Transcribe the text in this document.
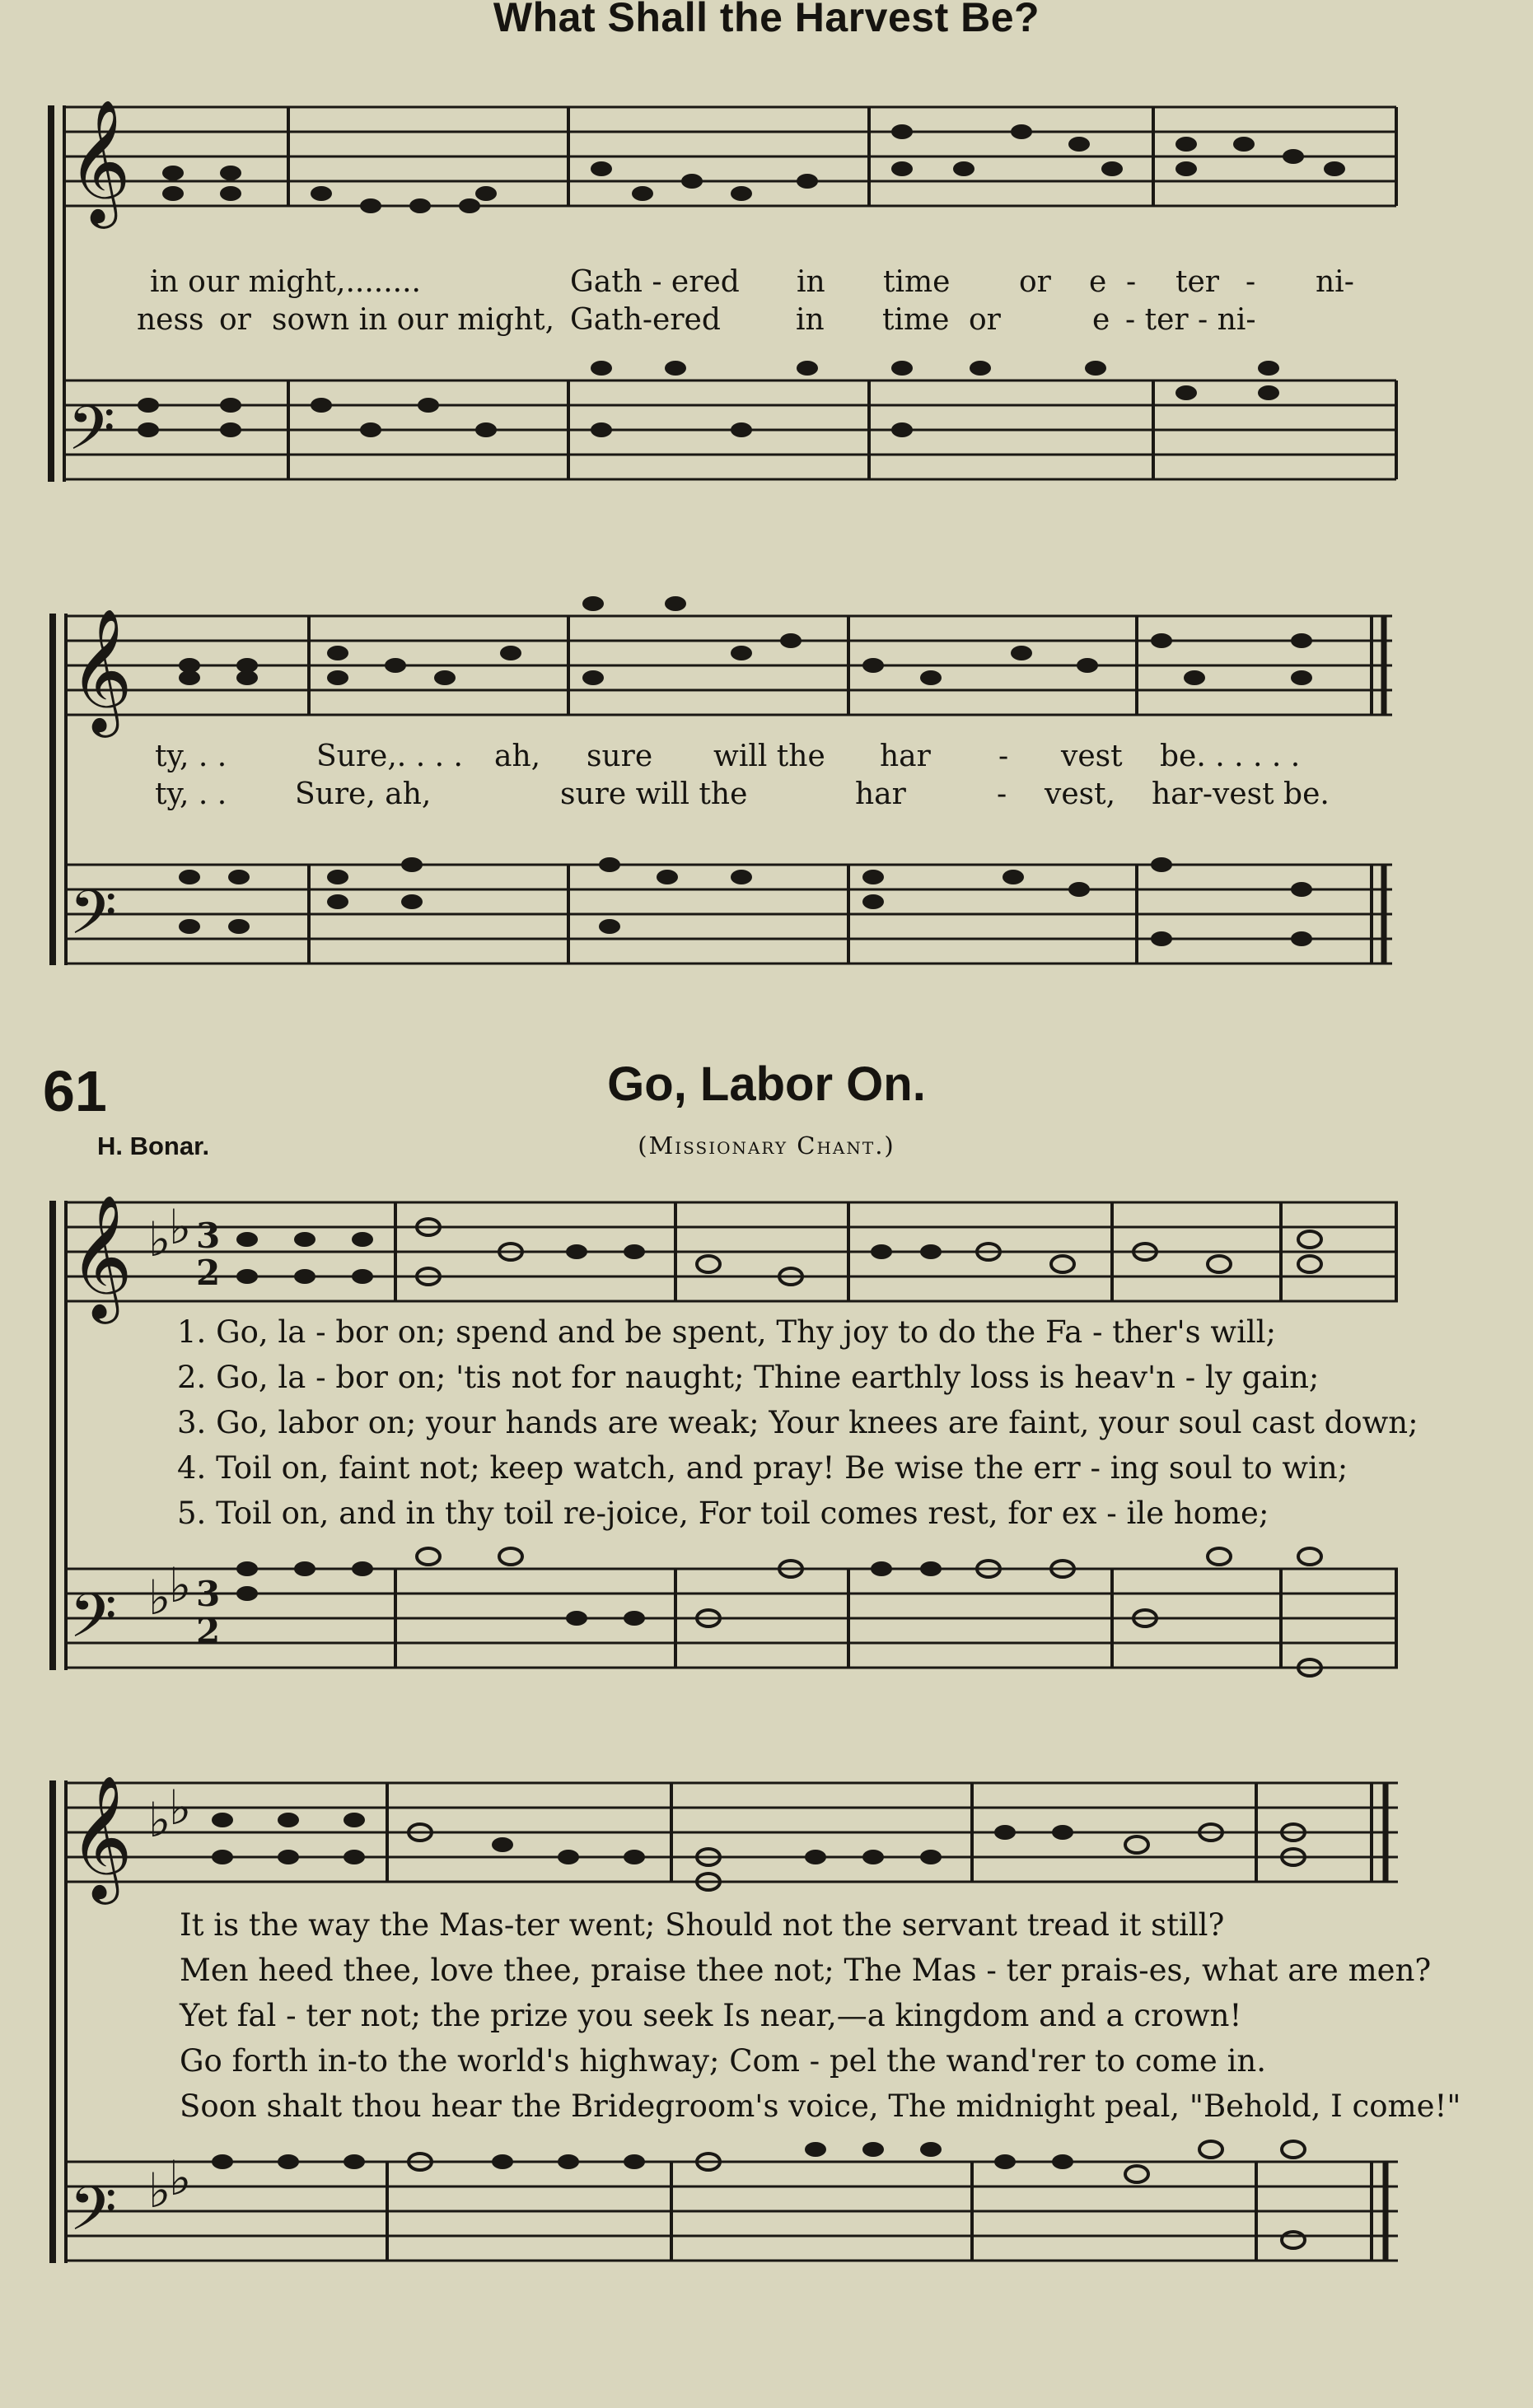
What Shall the Harvest Be?
𝄞
𝄢
in our might,........	Gath - ered in time or e - ter - ni-
ness or sown in our might, Gath-ered	in time or	e - ter - ni-
𝄞
𝄢
ty, . .	Sure,. . . . ah, sure will the har - vest be. . . . . .
ty, . . Sure, ah,	sure will the	har	- vest, har-vest be.
61	Go, Labor On.
H. Bonar.	(Missionary Chant.)
𝄞
𝄢
♭
♭
♭
♭
3
2
3
2
1. Go, la - bor on; spend and be spent, Thy joy to do the Fa - ther's will;
2. Go, la - bor on; 'tis not for naught; Thine earthly loss is heav'n - ly gain;
3. Go, labor on; your hands are weak; Your knees are faint, your soul cast down;
4. Toil on, faint not; keep watch, and pray! Be wise the err - ing soul to win;
5. Toil on, and in thy toil re-joice, For toil comes rest, for ex - ile home;
𝄞
𝄢
♭
♭
♭
♭
It is the way the Mas-ter went; Should not the servant tread it still?
Men heed thee, love thee, praise thee not; The Mas - ter prais-es, what are men?
Yet fal - ter not; the prize you seek Is near,—a kingdom and a crown!
Go forth in-to the world's highway; Com - pel the wand'rer to come in.
Soon shalt thou hear the Bridegroom's voice, The midnight peal, "Behold, I come!"
